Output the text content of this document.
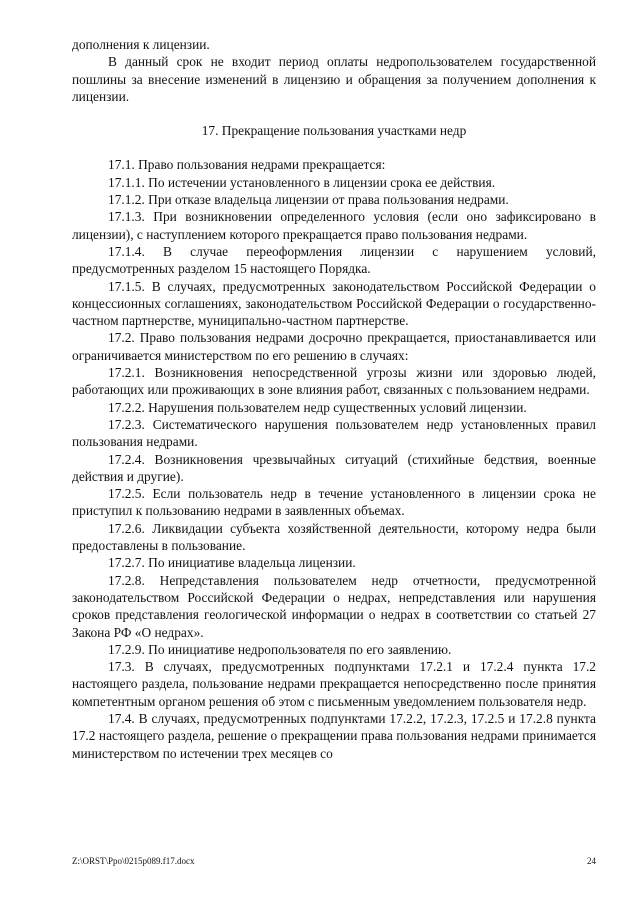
дополнения к лицензии.

В данный срок не входит период оплаты недропользователем государственной пошлины за внесение изменений в лицензию и обращения за получением дополнения к лицензии.

17. Прекращение пользования участками недр

17.1. Право пользования недрами прекращается:

17.1.1. По истечении установленного в лицензии срока ее действия.

17.1.2. При отказе владельца лицензии от права пользования недрами.

17.1.3. При возникновении определенного условия (если оно зафиксировано в лицензии), с наступлением которого прекращается право пользования недрами.

17.1.4. В случае переоформления лицензии с нарушением условий, предусмотренных разделом 15 настоящего Порядка.

17.1.5. В случаях, предусмотренных законодательством Российской Федерации о концессионных соглашениях, законодательством Российской Федерации о государственно-частном партнерстве, муниципально-частном партнерстве.

17.2. Право пользования недрами досрочно прекращается, приостанавливается или ограничивается министерством по его решению в случаях:

17.2.1. Возникновения непосредственной угрозы жизни или здоровью людей, работающих или проживающих в зоне влияния работ, связанных с пользованием недрами.

17.2.2. Нарушения пользователем недр существенных условий лицензии.

17.2.3. Систематического нарушения пользователем недр установленных правил пользования недрами.

17.2.4. Возникновения чрезвычайных ситуаций (стихийные бедствия, военные действия и другие).

17.2.5. Если пользователь недр в течение установленного в лицензии срока не приступил к пользованию недрами в заявленных объемах.

17.2.6. Ликвидации субъекта хозяйственной деятельности, которому недра были предоставлены в пользование.

17.2.7. По инициативе владельца лицензии.

17.2.8. Непредставления пользователем недр отчетности, предусмотренной законодательством Российской Федерации о недрах, непредставления или нарушения сроков представления геологической информации о недрах в соответствии со статьей 27 Закона РФ «О недрах».

17.2.9. По инициативе недропользователя по его заявлению.

17.3. В случаях, предусмотренных подпунктами 17.2.1 и 17.2.4 пункта 17.2 настоящего раздела, пользование недрами прекращается непосредственно после принятия компетентным органом решения об этом с письменным уведомлением пользователя недр.

17.4. В случаях, предусмотренных подпунктами 17.2.2, 17.2.3, 17.2.5 и 17.2.8 пункта 17.2 настоящего раздела, решение о прекращении права пользования недрами принимается министерством по истечении трех месяцев со

Z:\ORST\Ppo\0215p089.f17.docx	24
